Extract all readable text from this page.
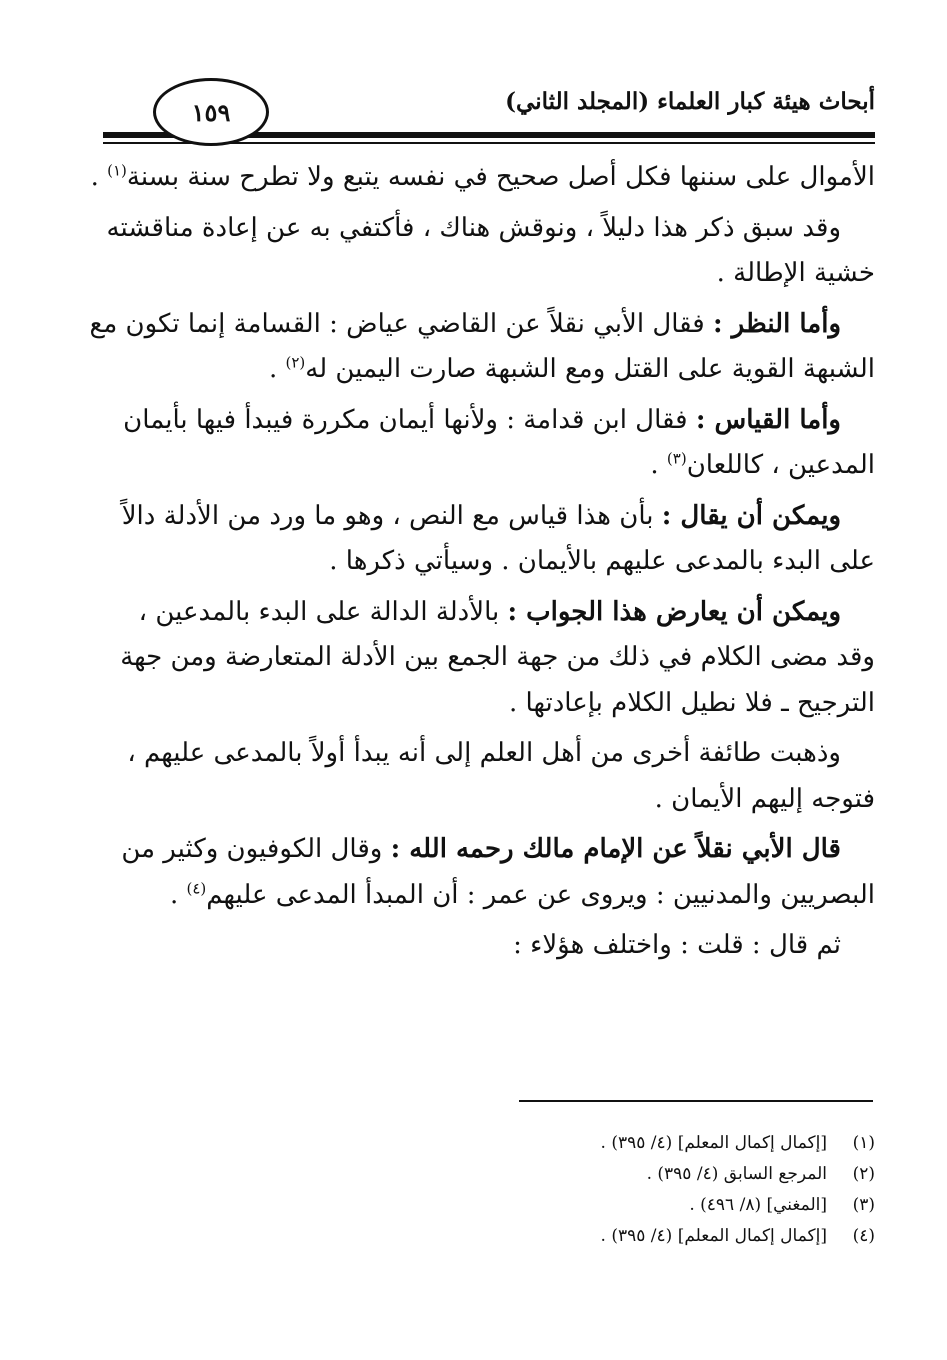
أبحاث هيئة كبار العلماء (المجلد الثاني)
١٥٩

الأموال على سننها فكل أصل صحيح في نفسه يتبع ولا تطرح سنة بسنة$^{(١)}$ .

وقد سبق ذكر هذا دليلاً ، ونوقش هناك ، فأكتفي به عن إعادة مناقشته
خشية الإطالة .

وأما النظر : فقال الأبي نقلاً عن القاضي عياض : القسامة إنما تكون مع
الشبهة القوية على القتل ومع الشبهة صارت اليمين له$^{(٢)}$ .

وأما القياس : فقال ابن قدامة : ولأنها أيمان مكررة فيبدأ فيها بأيمان
المدعين ، كاللعان$^{(٣)}$ .

ويمكن أن يقال : بأن هذا قياس مع النص ، وهو ما ورد من الأدلة دالاً
على البدء بالمدعى عليهم بالأيمان . وسيأتي ذكرها .

ويمكن أن يعارض هذا الجواب : بالأدلة الدالة على البدء بالمدعين ،
وقد مضى الكلام في ذلك من جهة الجمع بين الأدلة المتعارضة ومن جهة
الترجيح ـ فلا نطيل الكلام بإعادتها .

وذهبت طائفة أخرى من أهل العلم إلى أنه يبدأ أولاً بالمدعى عليهم ،
فتوجه إليهم الأيمان .

قال الأبي نقلاً عن الإمام مالك رحمه الله : وقال الكوفيون وكثير من
البصريين والمدنيين : ويروى عن عمر : أن المبدأ المدعى عليهم$^{(٤)}$ .

ثم قال : قلت : واختلف هؤلاء :

(١)[إكمال إكمال المعلم] (٤/ ٣٩٥) .
(٢)المرجع السابق (٤/ ٣٩٥) .
(٣)[المغني] (٨/ ٤٩٦) .
(٤)[إكمال إكمال المعلم] (٤/ ٣٩٥) .
